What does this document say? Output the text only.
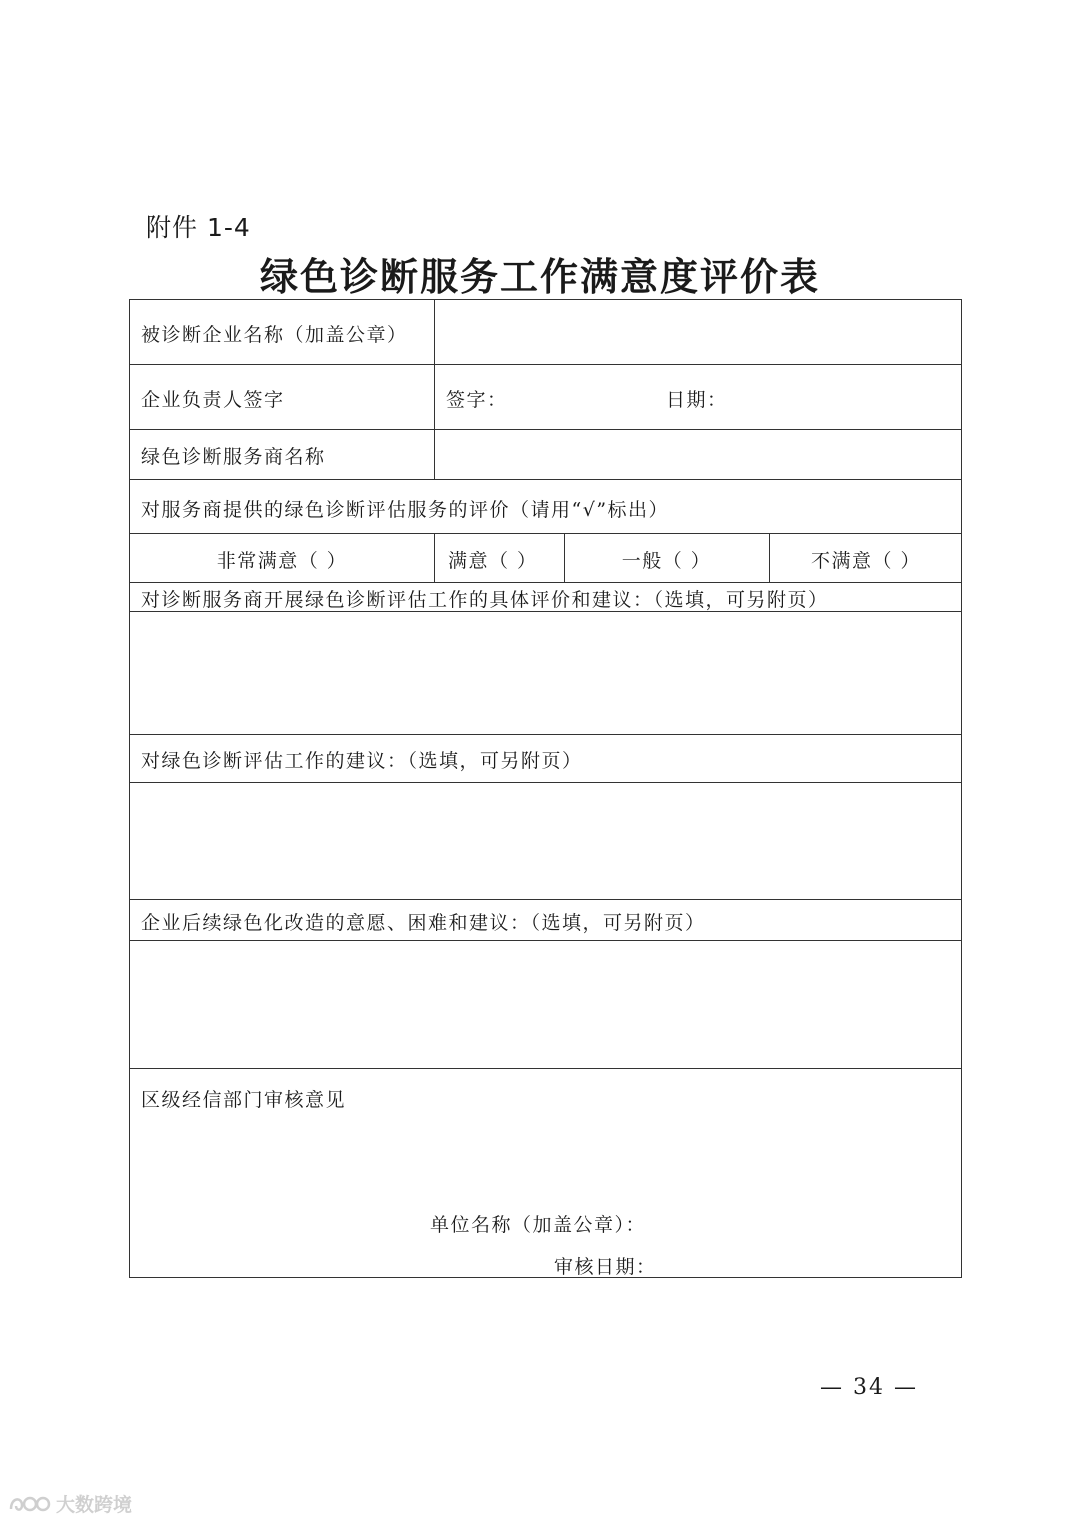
附件 1-4
绿色诊断服务工作满意度评价表
被诊断企业名称（加盖公章）
企业负责人签字	签字：	日期：
绿色诊断服务商名称
对服务商提供的绿色诊断评估服务的评价（请用“√”标出）
非常满意（ ）	满意（ ）	一般（ ）	不满意（ ）
对诊断服务商开展绿色诊断评估工作的具体评价和建议：（选填，可另附页）
对绿色诊断评估工作的建议：（选填，可另附页）
企业后续绿色化改造的意愿、困难和建议：（选填，可另附页）
区级经信部门审核意见
单位名称（加盖公章）：
审核日期：
— 34 —
大数跨境
